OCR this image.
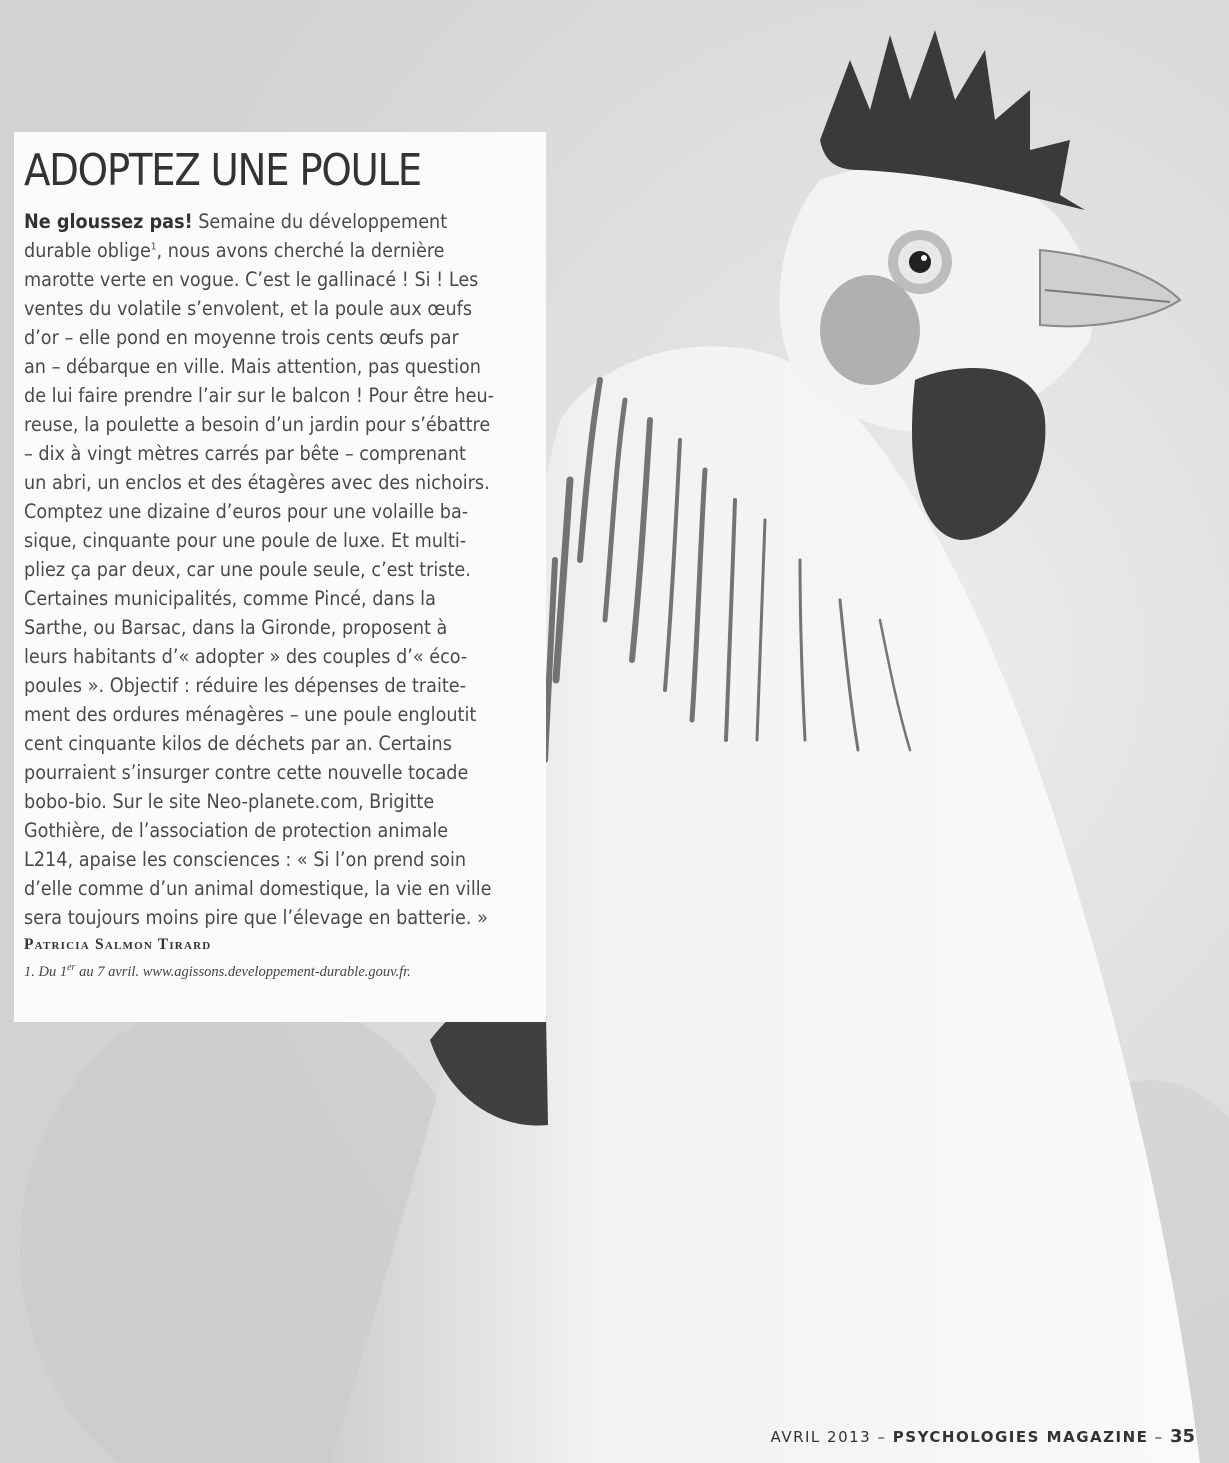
ADOPTEZ UNE POULE
Ne gloussez pas! Semaine du développement
durable oblige$^1$, nous avons cherché la dernière
marotte verte en vogue. C’est le gallinacé ! Si ! Les
ventes du volatile s’envolent, et la poule aux œufs
d’or – elle pond en moyenne trois cents œufs par
an – débarque en ville. Mais attention, pas question
de lui faire prendre l’air sur le balcon ! Pour être heu-
reuse, la poulette a besoin d’un jardin pour s’ébattre
– dix à vingt mètres carrés par bête – comprenant
un abri, un enclos et des étagères avec des nichoirs.
Comptez une dizaine d’euros pour une volaille ba-
sique, cinquante pour une poule de luxe. Et multi-
pliez ça par deux, car une poule seule, c’est triste.
Certaines municipalités, comme Pincé, dans la
Sarthe, ou Barsac, dans la Gironde, proposent à
leurs habitants d’« adopter » des couples d’« éco-
poules ». Objectif : réduire les dépenses de traite-
ment des ordures ménagères – une poule engloutit
cent cinquante kilos de déchets par an. Certains
pourraient s’insurger contre cette nouvelle tocade
bobo-bio. Sur le site Neo-planete.com, Brigitte
Gothière, de l’association de protection animale
L214, apaise les consciences : « Si l’on prend soin
d’elle comme d’un animal domestique, la vie en ville
sera toujours moins pire que l’élevage en batterie. »

Patricia Salmon Tirard

1. Du 1er au 7 avril. www.agissons.developpement-durable.gouv.fr.

AVRIL 2013 – PSYCHOLOGIES MAGAZINE – 35
